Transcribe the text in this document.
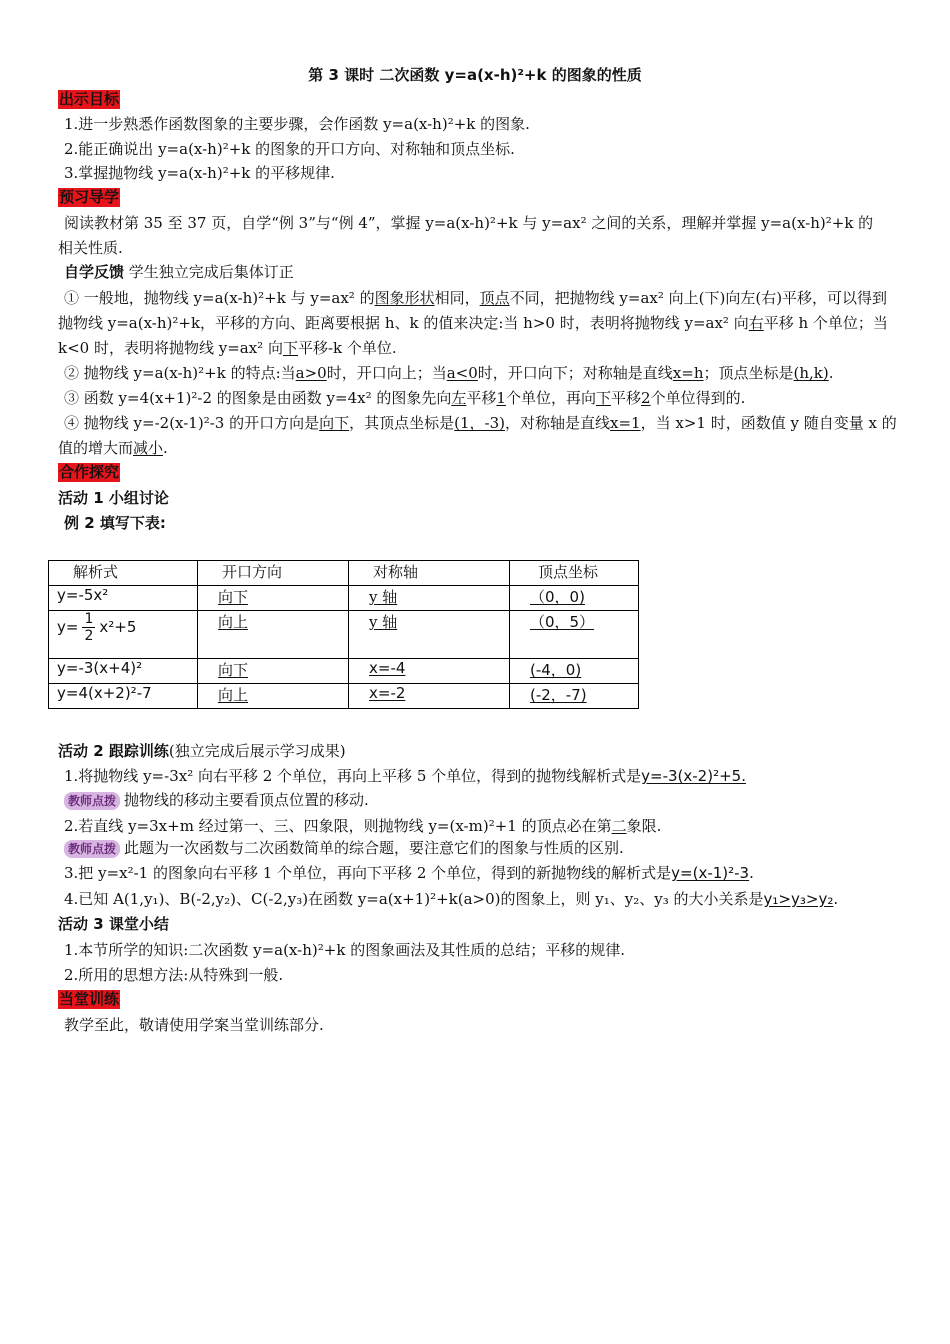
第 3 课时 二次函数 y=a(x-h)²+k 的图象的性质
出示目标
1.进一步熟悉作函数图象的主要步骤，会作函数 y=a(x-h)²+k 的图象.
2.能正确说出 y=a(x-h)²+k 的图象的开口方向、对称轴和顶点坐标.
3.掌握抛物线 y=a(x-h)²+k 的平移规律.
预习导学
阅读教材第 35 至 37 页，自学“例 3”与“例 4”，掌握 y=a(x-h)²+k 与 y=ax² 之间的关系，理解并掌握 y=a(x-h)²+k 的
相关性质.
自学反馈 学生独立完成后集体订正
① 一般地，抛物线 y=a(x-h)²+k 与 y=ax² 的图象形状相同，顶点不同，把抛物线 y=ax² 向上(下)向左(右)平移，可以得到
抛物线 y=a(x-h)²+k，平移的方向、距离要根据 h、k 的值来决定:当 h>0 时，表明将抛物线 y=ax² 向右平移 h 个单位；当
k<0 时，表明将抛物线 y=ax² 向下平移-k 个单位.
② 抛物线 y=a(x-h)²+k 的特点:当a>0时，开口向上；当a<0时，开口向下；对称轴是直线x=h；顶点坐标是(h,k).
③ 函数 y=4(x+1)²-2 的图象是由函数 y=4x² 的图象先向左平移1个单位，再向下平移2个单位得到的.
④ 抛物线 y=-2(x-1)²-3 的开口方向是向下，其顶点坐标是(1，-3)，对称轴是直线x=1，当 x>1 时，函数值 y 随自变量 x 的
值的增大而减小.
合作探究
活动 1 小组讨论
例 2 填写下表:
解析式	开口方向	对称轴	顶点坐标
y=-5x²	向下	y 轴	（0，0)
$y= \frac{1}{2} x^2+5$	向上	y 轴	（0，5）
y=-3(x+4)²	向下	x=-4	(-4，0)
y=4(x+2)²-7	向上	x=-2	(-2，-7)
活动 2 跟踪训练(独立完成后展示学习成果)
1.将抛物线 y=-3x² 向右平移 2 个单位，再向上平移 5 个单位，得到的抛物线解析式是y=-3(x-2)²+5.
教师点拨 抛物线的移动主要看顶点位置的移动.
2.若直线 y=3x+m 经过第一、三、四象限，则抛物线 y=(x-m)²+1 的顶点必在第二象限.
教师点拨 此题为一次函数与二次函数简单的综合题，要注意它们的图象与性质的区别.
3.把 y=x²-1 的图象向右平移 1 个单位，再向下平移 2 个单位，得到的新抛物线的解析式是y=(x-1)²-3.
4.已知 A(1,y₁)、B(-2,y₂)、C(-2,y₃)在函数 y=a(x+1)²+k(a>0)的图象上，则 y₁、y₂、y₃ 的大小关系是y₁>y₃>y₂.
活动 3 课堂小结
1.本节所学的知识:二次函数 y=a(x-h)²+k 的图象画法及其性质的总结；平移的规律.
2.所用的思想方法:从特殊到一般.
当堂训练
教学至此，敬请使用学案当堂训练部分.
